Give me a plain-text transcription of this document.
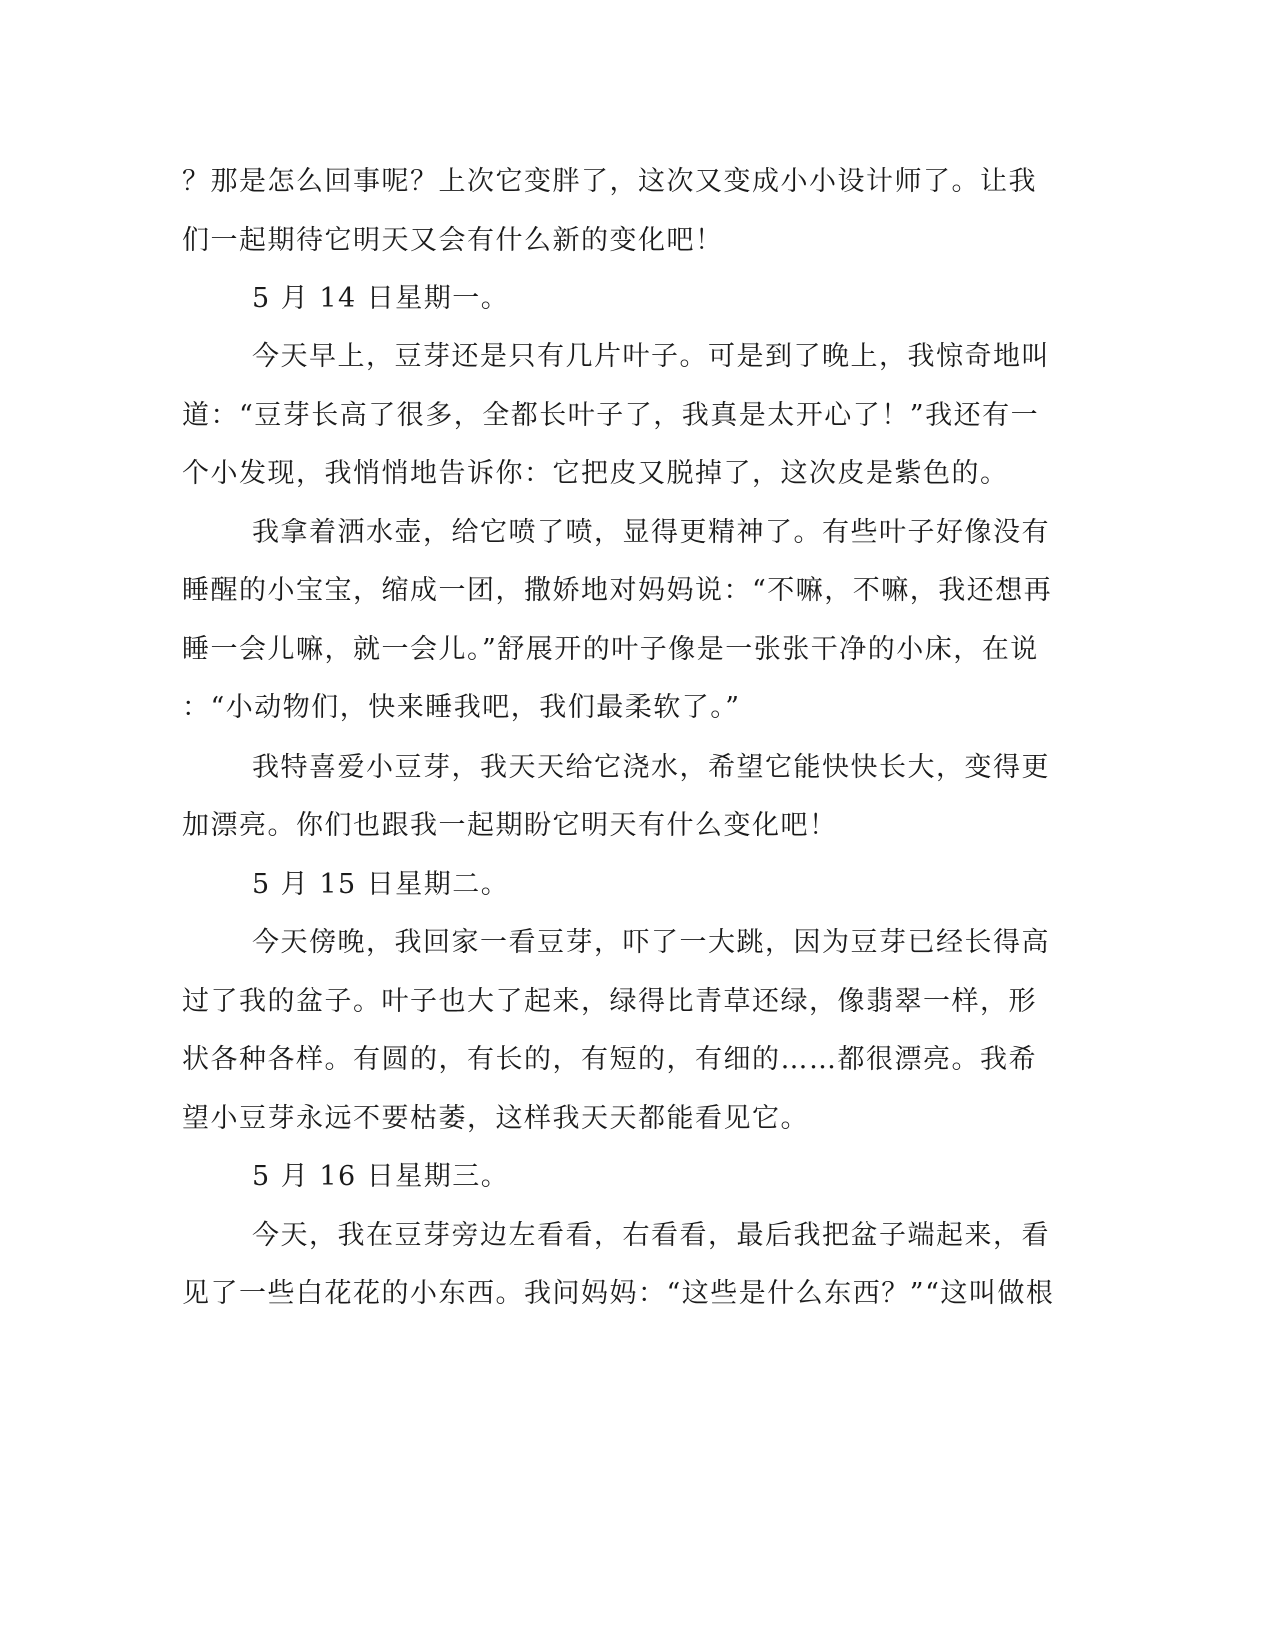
？那是怎么回事呢？上次它变胖了，这次又变成小小设计师了。让我
们一起期待它明天又会有什么新的变化吧！
5 月 14 日星期一。
今天早上，豆芽还是只有几片叶子。可是到了晚上，我惊奇地叫
道：“豆芽长高了很多，全都长叶子了，我真是太开心了！”我还有一
个小发现，我悄悄地告诉你：它把皮又脱掉了，这次皮是紫色的。
我拿着洒水壶，给它喷了喷，显得更精神了。有些叶子好像没有
睡醒的小宝宝，缩成一团，撒娇地对妈妈说：“不嘛，不嘛，我还想再
睡一会儿嘛，就一会儿。”舒展开的叶子像是一张张干净的小床，在说
：“小动物们，快来睡我吧，我们最柔软了。”
我特喜爱小豆芽，我天天给它浇水，希望它能快快长大，变得更
加漂亮。你们也跟我一起期盼它明天有什么变化吧！
5 月 15 日星期二。
今天傍晚，我回家一看豆芽，吓了一大跳，因为豆芽已经长得高
过了我的盆子。叶子也大了起来，绿得比青草还绿，像翡翠一样，形
状各种各样。有圆的，有长的，有短的，有细的……都很漂亮。我希
望小豆芽永远不要枯萎，这样我天天都能看见它。
5 月 16 日星期三。
今天，我在豆芽旁边左看看，右看看，最后我把盆子端起来，看
见了一些白花花的小东西。我问妈妈：“这些是什么东西？”“这叫做根
